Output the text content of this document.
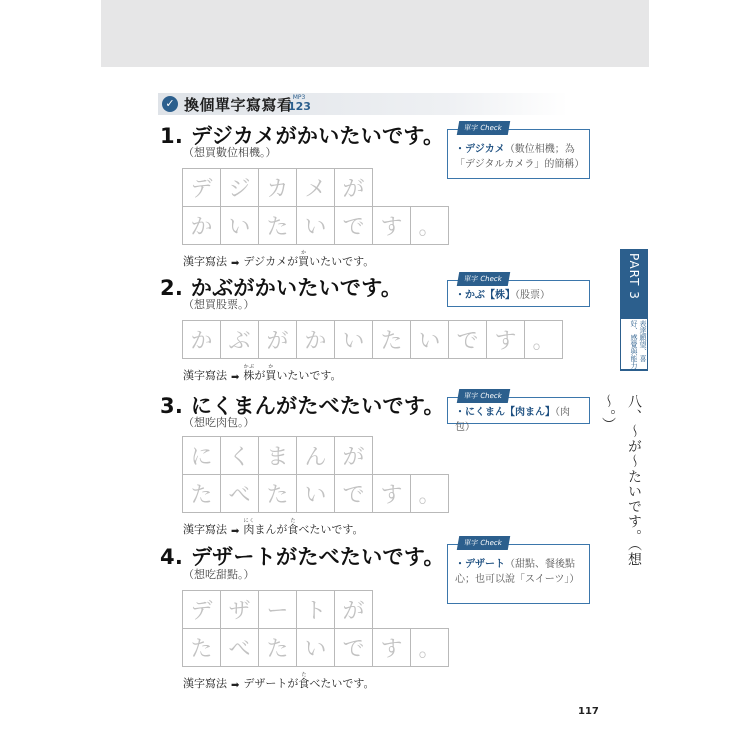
✓ 換個單字寫寫看 MP3
123
1. デジカメがかいたいです。
（想買數位相機。）
デ ジ カ メ が
か い た い で す 。
漢字寫法 ➡ デジカメが 買か
いたいです。
單字 Check
・デジカメ（數位相機；為「デジタルカメラ」的簡稱）
2. かぶがかいたいです。
（想買股票。）
か ぶ が か い た い で す 。
漢字寫法 ➡ 株かぶ
が 買か
いたいです。
單字 Check
・かぶ【株】（股票）
3. にくまんがたべたいです。
（想吃肉包。）
に く ま ん が
た べ た い で す 。
漢字寫法 ➡ 肉にく
まんが 食た
べたいです。
單字 Check
・にくまん【肉まん】（肉包）
4. デザートがたべたいです。
（想吃甜點。）
デ ザ ー ト が
た べ た い で す 。
漢字寫法 ➡ デザートが 食た
べたいです。
單字 Check
・デザート（甜點、餐後點心；也可以說「スイーツ」）
PART 3
表達願望、喜好、感覺與能力
八、～が～たいです。（想～。）
117
